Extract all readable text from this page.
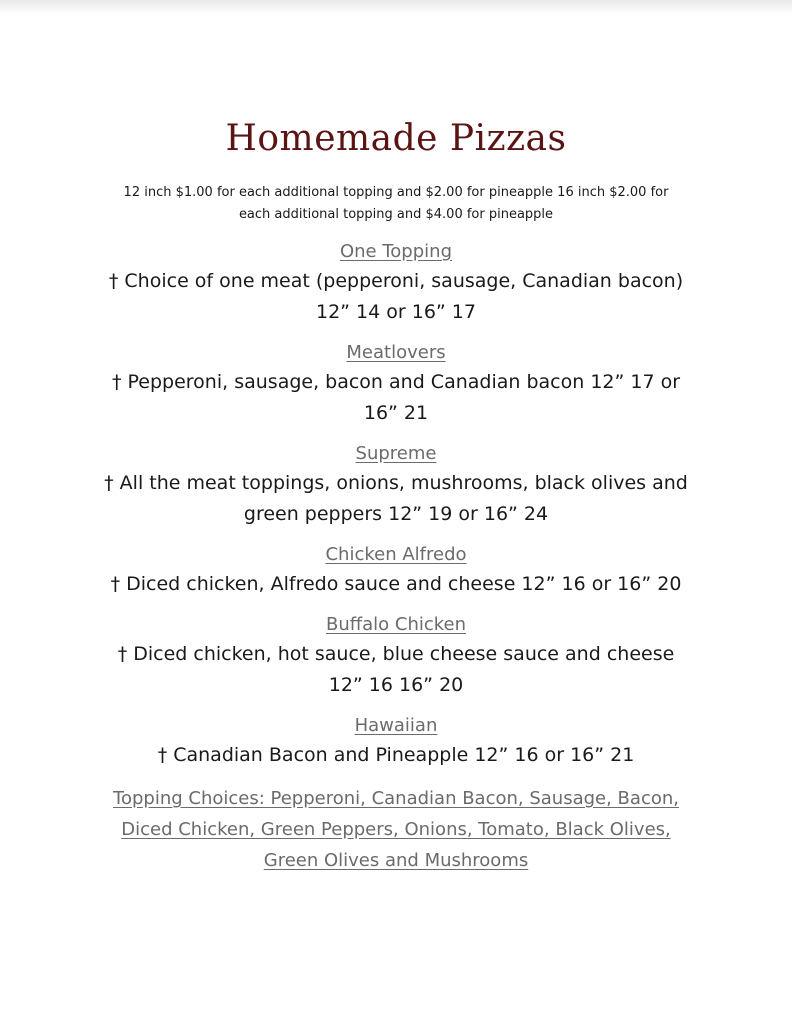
Homemade Pizzas
12 inch $1.00 for each additional topping and $2.00 for pineapple 16 inch $2.00 for each additional topping and $4.00 for pineapple
One Topping
† Choice of one meat (pepperoni, sausage, Canadian bacon) 12” 14 or 16” 17
Meatlovers
† Pepperoni, sausage, bacon and Canadian bacon 12” 17 or 16” 21
Supreme
† All the meat toppings, onions, mushrooms, black olives and green peppers 12” 19 or 16” 24
Chicken Alfredo
† Diced chicken, Alfredo sauce and cheese 12” 16 or 16” 20
Buffalo Chicken
† Diced chicken, hot sauce, blue cheese sauce and cheese 12” 16 16” 20
Hawaiian
† Canadian Bacon and Pineapple 12” 16 or 16” 21
Topping Choices: Pepperoni, Canadian Bacon, Sausage, Bacon, Diced Chicken, Green Peppers, Onions, Tomato, Black Olives, Green Olives and Mushrooms
